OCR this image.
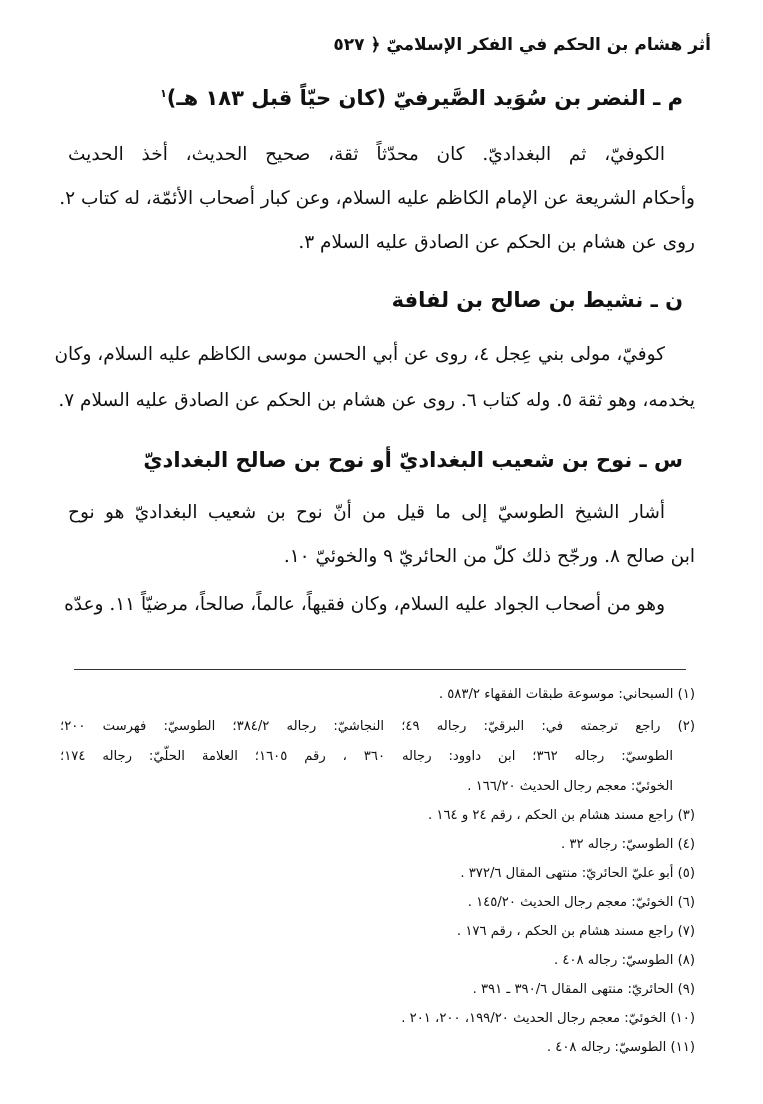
أثر هشام بن الحكم في الفكر الإسلاميّ ﴿ ٥٢٧
م ـ النضر بن سُوَيد الصَّيرفيّ (كان حيّاً قبل ١٨٣ هـ)$^١$
الكوفيّ، ثم البغداديّ. كان محدّثاً ثقة، صحيح الحديث، أخذ الحديث
وأحكام الشريعة عن الإمام الكاظم عليه السلام، وعن كبار أصحاب الأئمّة، له كتاب ٢.
روى عن هشام بن الحكم عن الصادق عليه السلام ٣.
ن ـ نشيط بن صالح بن لفافة
كوفيّ، مولى بني عِجل ٤، روى عن أبي الحسن موسى الكاظم عليه السلام، وكان
يخدمه، وهو ثقة ٥. وله كتاب ٦. روى عن هشام بن الحكم عن الصادق عليه السلام ٧.
س ـ نوح بن شعيب البغداديّ أو نوح بن صالح البغداديّ
أشار الشيخ الطوسيّ إلى ما قيل من أنّ نوح بن شعيب البغداديّ هو نوح
ابن صالح ٨. ورجّح ذلك كلّ من الحائريّ ٩ والخوئيّ ١٠.
وهو من أصحاب الجواد عليه السلام، وكان فقيهاً، عالماً، صالحاً، مرضيّاً ١١. وعدّه
(١) السبحاني: موسوعة طبقات الفقهاء ٥٨٣/٢ .
(٢) راجع ترجمته في: البرقيّ: رجاله ٤٩؛ النجاشيّ: رجاله ٣٨٤/٢؛ الطوسيّ: فهرست ٢٠٠؛
الطوسيّ: رجاله ٣٦٢؛ ابن داوود: رجاله ٣٦٠ ، رقم ١٦٠٥؛ العلامة الحلّيّ: رجاله ١٧٤؛
الخوئيّ: معجم رجال الحديث ١٦٦/٢٠ .
(٣) راجع مسند هشام بن الحكم ، رقم ٢٤ و ١٦٤ .
(٤) الطوسيّ: رجاله ٣٢ .
(٥) أبو عليّ الحائريّ: منتهى المقال ٣٧٢/٦ .
(٦) الخوئيّ: معجم رجال الحديث ١٤٥/٢٠ .
(٧) راجع مسند هشام بن الحكم ، رقم ١٧٦ .
(٨) الطوسيّ: رجاله ٤٠٨ .
(٩) الحائريّ: منتهى المقال ٣٩٠/٦ ـ ٣٩١ .
(١٠) الخوئيّ: معجم رجال الحديث ١٩٩/٢٠، ٢٠٠، ٢٠١ .
(١١) الطوسيّ: رجاله ٤٠٨ .
